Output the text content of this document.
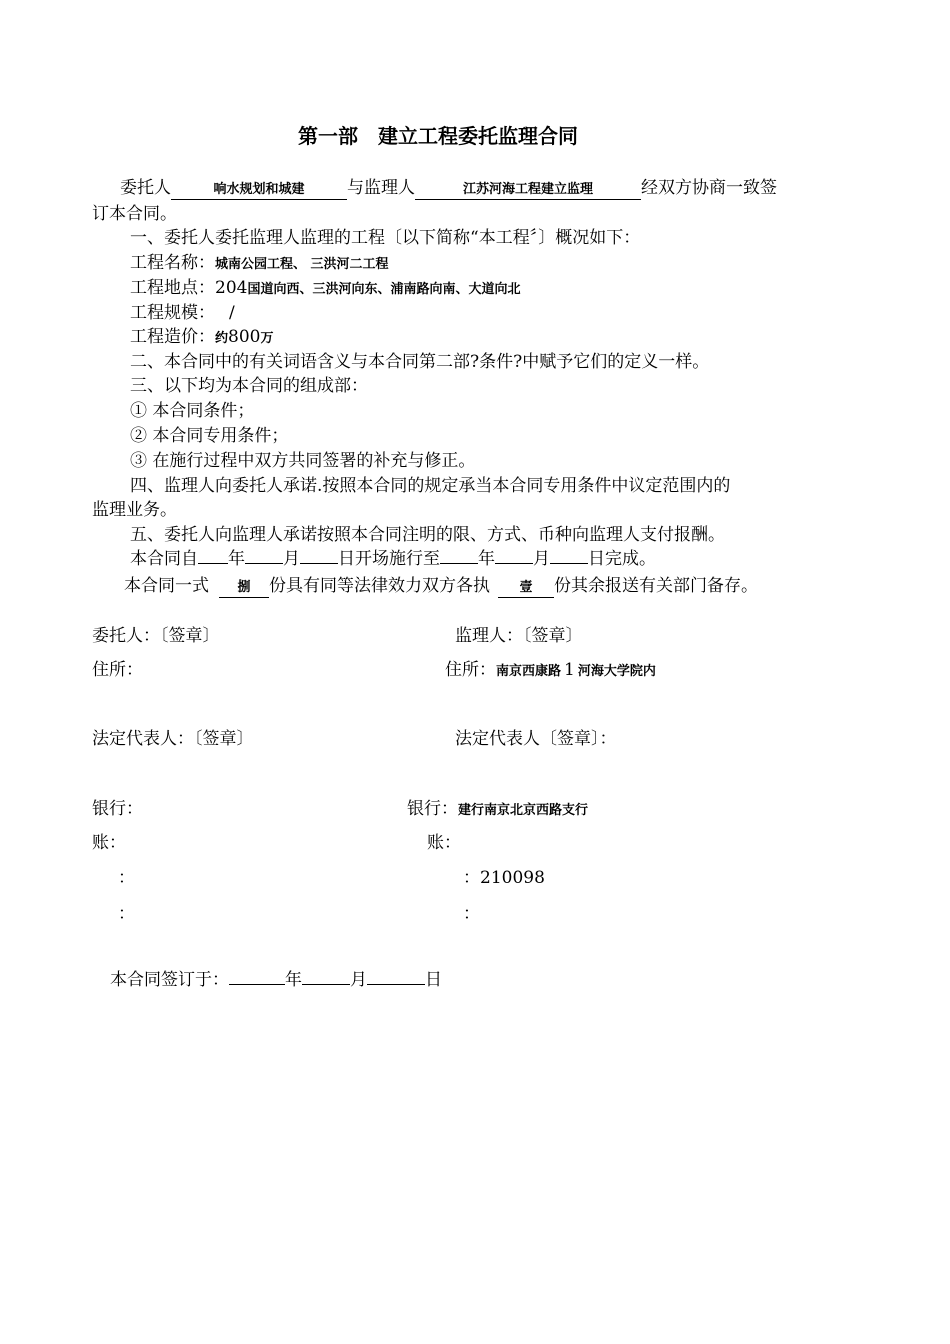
第一部　建立工程委托监理合同
委托人	响水规划和城建	与监理人	江苏河海工程建立监理	经双方协商一致签
订本合同。
一、委托人委托监理人监理的工程〔以下简称“本工程〞〕概况如下：
工程名称：城南公园工程、 三洪河二工程
工程地点：204国道向西、三洪河向东、浦南路向南、大道向北
工程规模： /
工程造价：约800万
二、本合同中的有关词语含义与本合同第二部?条件?中赋予它们的定义一样。
三、以下均为本合同的组成部：
① 本合同条件；
② 本合同专用条件；
③ 在施行过程中双方共同签署的补充与修正。
四、监理人向委托人承诺.按照本合同的规定承当本合同专用条件中议定范围内的
监理业务。
五、委托人向监理人承诺按照本合同注明的限、方式、币种向监理人支付报酬。
本合同自 年 月 日开场施行至 年 月 日完成。
本合同一式 捌 份具有同等法律效力双方各执 壹 份其余报送有关部门备存。
委托人：〔签章〕	监理人：〔签章〕
住所：	住所：南京西康路 1 河海大学院内
法定代表人：〔签章〕	法定代表人〔签章〕：
银行：	银行：建行南京北京西路支行
账：	账：
：	：210098
：	：
本合同签订于：	年	月	日
